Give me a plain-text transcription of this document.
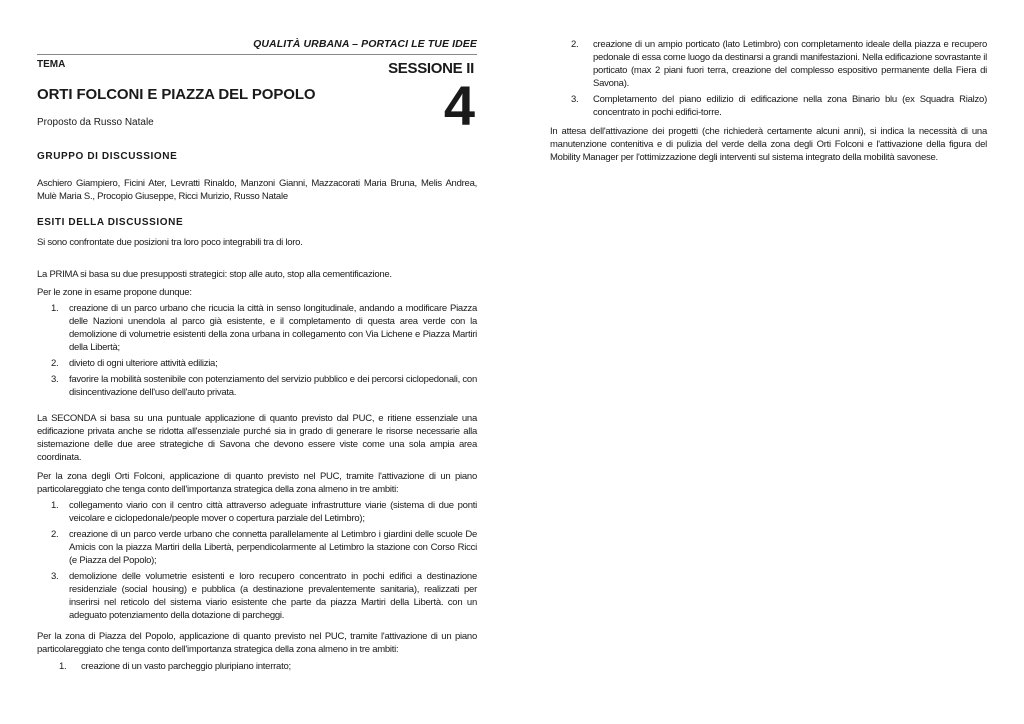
QUALITÀ URBANA – PORTACI LE TUE IDEE
TEMA	SESSIONE II
4
ORTI FOLCONI E PIAZZA DEL POPOLO
Proposto da Russo Natale
GRUPPO DI DISCUSSIONE
Aschiero Giampiero, Ficini Ater, Levratti Rinaldo, Manzoni Gianni, Mazzacorati Maria Bruna, Melis Andrea, Mulè Maria S., Procopio Giuseppe, Ricci Murizio, Russo Natale
ESITI DELLA DISCUSSIONE
Si sono confrontate due posizioni tra loro poco integrabili tra di loro.
La PRIMA si basa su due presupposti strategici: stop alle auto, stop alla cementificazione.
Per le zone in esame propone dunque:
1. creazione di un parco urbano che ricucia la città in senso longitudinale, andando a modificare Piazza delle Nazioni unendola al parco già esistente, e il completamento di questa area verde con la demolizione di volumetrie esistenti della zona urbana in collegamento con Via Lichene e Piazza Martiri della Libertà;
2. divieto di ogni ulteriore attività edilizia;
3. favorire la mobilità sostenibile con potenziamento del servizio pubblico e dei percorsi ciclopedonali, con disincentivazione dell'uso dell'auto privata.
La SECONDA si basa su una puntuale applicazione di quanto previsto dal PUC, e ritiene essenziale una edificazione privata anche se ridotta all'essenziale purché sia in grado di generare le risorse necessarie alla sistemazione delle due aree strategiche di Savona che devono essere viste come una sola ampia area coordinata.
Per la zona degli Orti Folconi, applicazione di quanto previsto nel PUC, tramite l'attivazione di un piano particolareggiato che tenga conto dell'importanza strategica della zona almeno in tre ambiti:
1. collegamento viario con il centro città attraverso adeguate infrastrutture viarie (sistema di due ponti veicolare e ciclopedonale/people mover o copertura parziale del Letimbro);
2. creazione di un parco verde urbano che connetta parallelamente al Letimbro i giardini delle scuole De Amicis con la piazza Martiri della Libertà, perpendicolarmente al Letimbro la stazione con Corso Ricci (e Piazza del Popolo);
3. demolizione delle volumetrie esistenti e loro recupero concentrato in pochi edifici a destinazione residenziale (social housing) e pubblica (a destinazione prevalentemente sanitaria), realizzati per inserirsi nel reticolo del sistema viario esistente che parte da piazza Martiri della Libertà. con un adeguato potenziamento della dotazione di parcheggi.
Per la zona di Piazza del Popolo, applicazione di quanto previsto nel PUC, tramite l'attivazione di un piano particolareggiato che tenga conto dell'importanza strategica della zona almeno in tre ambiti:
1. creazione di un vasto parcheggio pluripiano interrato;
2. creazione di un ampio porticato (lato Letimbro) con completamento ideale della piazza e recupero pedonale di essa come luogo da destinarsi a grandi manifestazioni. Nella edificazione sovrastante il porticato (max 2 piani fuori terra, creazione del complesso espositivo permanente della Fiera di Savona).
3. Completamento del piano edilizio di edificazione nella zona Binario blu (ex Squadra Rialzo) concentrato in pochi edifici-torre.
In attesa dell'attivazione dei progetti (che richiederà certamente alcuni anni), si indica la necessità di una manutenzione contenitiva e di pulizia del verde della zona degli Orti Folconi e l'attivazione della figura del Mobility Manager per l'ottimizzazione degli interventi sul sistema integrato della mobilità savonese.
